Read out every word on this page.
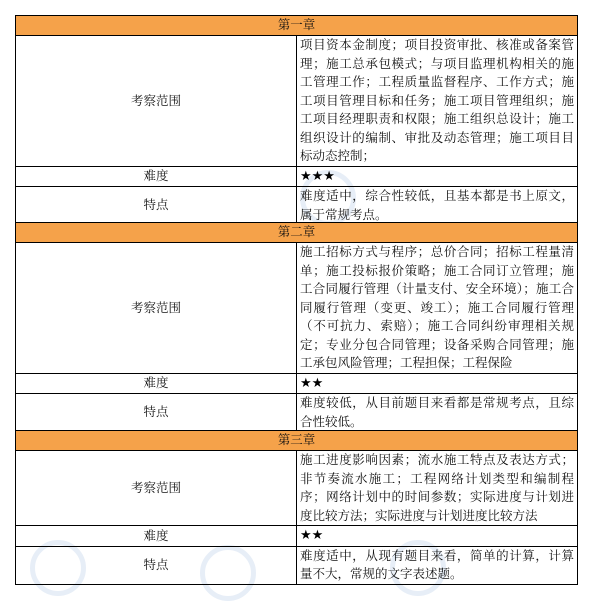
第一章	
考察范围	项目资本金制度；项目投资审批、核准或备案管理；施工总承包模式；与项目监理机构相关的施工管理工作；工程质量监督程序、工作方式；施工项目管理目标和任务；施工项目管理组织；施工项目经理职责和权限；施工组织总设计；施工组织设计的编制、审批及动态管理；施工项目目标动态控制；
难度	★★★
特点	难度适中，综合性较低，且基本都是书上原文，属于常规考点。
第二章	
考察范围	施工招标方式与程序；总价合同；招标工程量清单；施工投标报价策略；施工合同订立管理；施工合同履行管理（计量支付、安全环境）；施工合同履行管理（变更、竣工）；施工合同履行管理（不可抗力、索赔）；施工合同纠纷审理相关规定；专业分包合同管理；设备采购合同管理；施工承包风险管理；工程担保；工程保险
难度	★★
特点	难度较低，从目前题目来看都是常规考点，且综合性较低。
第三章	
考察范围	施工进度影响因素；流水施工特点及表达方式；非节奏流水施工；工程网络计划类型和编制程序；网络计划中的时间参数；实际进度与计划进度比较方法；实际进度与计划进度比较方法
难度	★★
特点	难度适中，从现有题目来看，简单的计算，计算量不大，常规的文字表述题。
